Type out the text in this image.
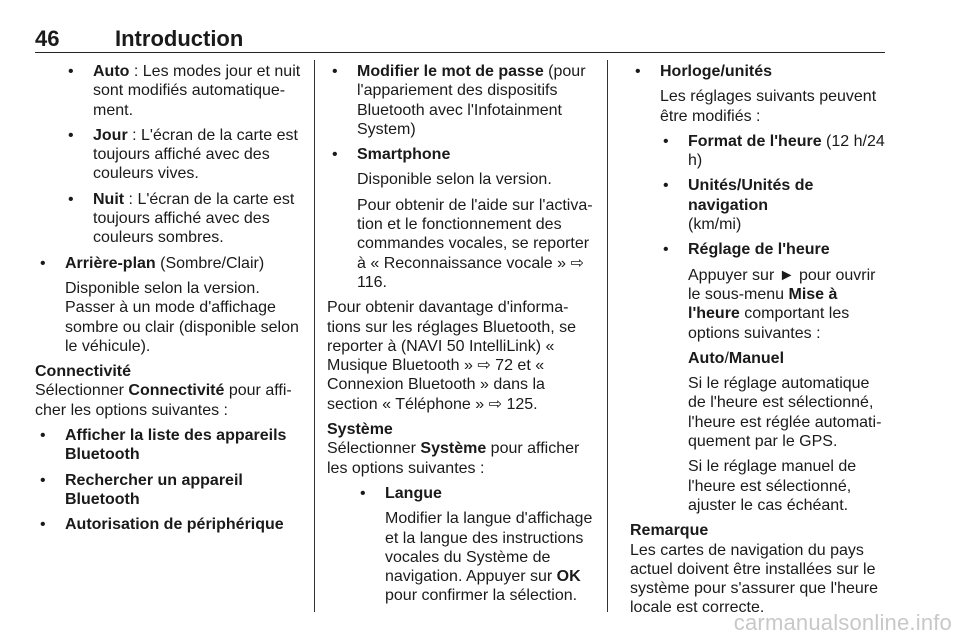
46	Introduction
• Auto : Les modes jour et nuit sont modifiés automatiquement.
• Jour : L'écran de la carte est toujours affiché avec des couleurs vives.
• Nuit : L'écran de la carte est toujours affiché avec des couleurs sombres.

• Arrière-plan (Sombre/Clair)

Disponible selon la version. Passer à un mode d'affichage sombre ou clair (disponible selon le véhicule).

Connectivité

Sélectionner Connectivité pour afficher les options suivantes :

• Afficher la liste des appareils Bluetooth
• Rechercher un appareil Bluetooth
• Autorisation de périphérique
• Modifier le mot de passe (pour l'appariement des dispositifs Bluetooth avec l'Infotainment System)

• Smartphone

Disponible selon la version.

Pour obtenir de l'aide sur l'activation et le fonctionnement des commandes vocales, se reporter à « Reconnaissance vocale » ⇨ 116.

Pour obtenir davantage d'informations sur les réglages Bluetooth, se reporter à (NAVI 50 IntelliLink) « Musique Bluetooth » ⇨ 72 et « Connexion Bluetooth » dans la section « Téléphone » ⇨ 125.

Système

Sélectionner Système pour afficher les options suivantes :

• Langue

Modifier la langue d'affichage et la langue des instructions vocales du Système de navigation. Appuyer sur OK pour confirmer la sélection.

• Horloge/unités

Les réglages suivants peuvent être modifiés :

• Format de l'heure (12 h/24 h)
• Unités/Unités de navigation
(km/mi)

• Réglage de l'heure

Appuyer sur ► pour ouvrir le sous-menu Mise à l'heure comportant les options suivantes :

Auto/Manuel

Si le réglage automatique de l'heure est sélectionné, l'heure est réglée automatiquement par le GPS.

Si le réglage manuel de l'heure est sélectionné, ajuster le cas échéant.

Remarque

Les cartes de navigation du pays actuel doivent être installées sur le système pour s'assurer que l'heure locale est correcte.

carmanualsonline.info
